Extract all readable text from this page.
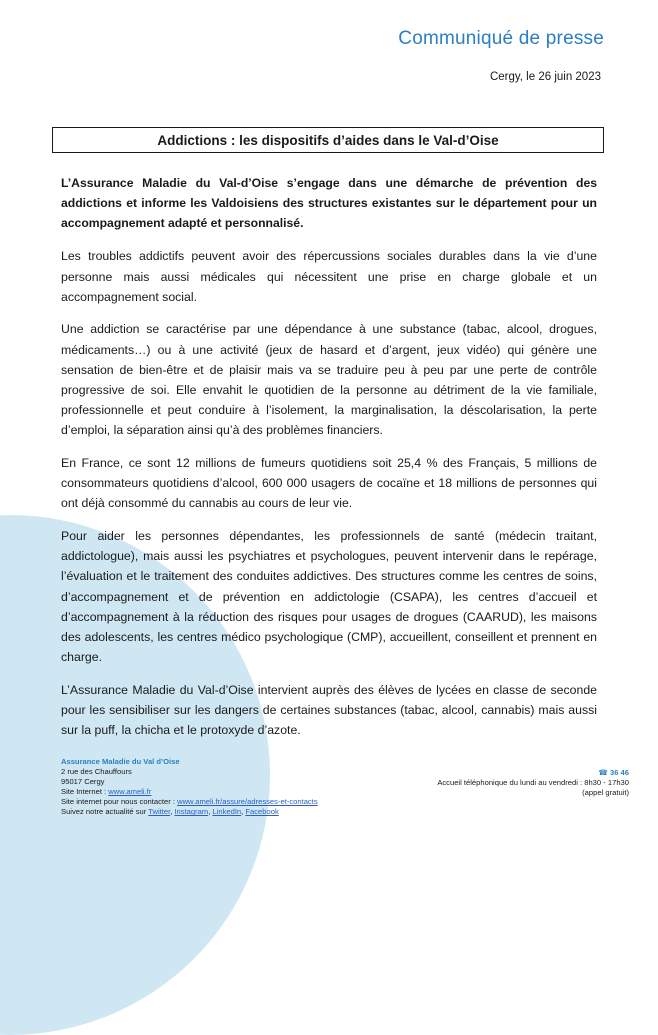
Communiqué de presse
Cergy, le 26 juin 2023
Addictions : les dispositifs d’aides dans le Val-d’Oise

L’Assurance Maladie du Val-d’Oise s’engage dans une démarche de prévention des addictions et informe les Valdoisiens des structures existantes sur le département pour un accompagnement adapté et personnalisé.

Les troubles addictifs peuvent avoir des répercussions sociales durables dans la vie d’une personne mais aussi médicales qui nécessitent une prise en charge globale et un accompagnement social.

Une addiction se caractérise par une dépendance à une substance (tabac, alcool, drogues, médicaments…) ou à une activité (jeux de hasard et d’argent, jeux vidéo) qui génère une sensation de bien-être et de plaisir mais va se traduire peu à peu par une perte de contrôle progressive de soi. Elle envahit le quotidien de la personne au détriment de la vie familiale, professionnelle et peut conduire à l’isolement, la marginalisation, la déscolarisation, la perte d’emploi, la séparation ainsi qu’à des problèmes financiers.

En France, ce sont 12 millions de fumeurs quotidiens soit 25,4 % des Français, 5 millions de consommateurs quotidiens d’alcool, 600 000 usagers de cocaïne et 18 millions de personnes qui ont déjà consommé du cannabis au cours de leur vie.

Pour aider les personnes dépendantes, les professionnels de santé (médecin traitant, addictologue), mais aussi les psychiatres et psychologues, peuvent intervenir dans le repérage, l’évaluation et le traitement des conduites addictives. Des structures comme les centres de soins, d’accompagnement et de prévention en addictologie (CSAPA), les centres d’accueil et d’accompagnement à la réduction des risques pour usages de drogues (CAARUD), les maisons des adolescents, les centres médico psychologique (CMP), accueillent, conseillent et prennent en charge.

L’Assurance Maladie du Val-d’Oise intervient auprès des élèves de lycées en classe de seconde pour les sensibiliser sur les dangers de certaines substances (tabac, alcool, cannabis) mais aussi sur la puff, la chicha et le protoxyde d’azote.

Assurance Maladie du Val d’Oise
2 rue des Chauffours
95017 Cergy
Site Internet : www.ameli.fr
Site internet pour nous contacter : www.ameli.fr/assure/adresses-et-contacts
Suivez notre actualité sur Twitter, Instagram, LinkedIn, Facebook
☎ 36 46
Accueil téléphonique du lundi au vendredi : 8h30 - 17h30
(appel gratuit)
